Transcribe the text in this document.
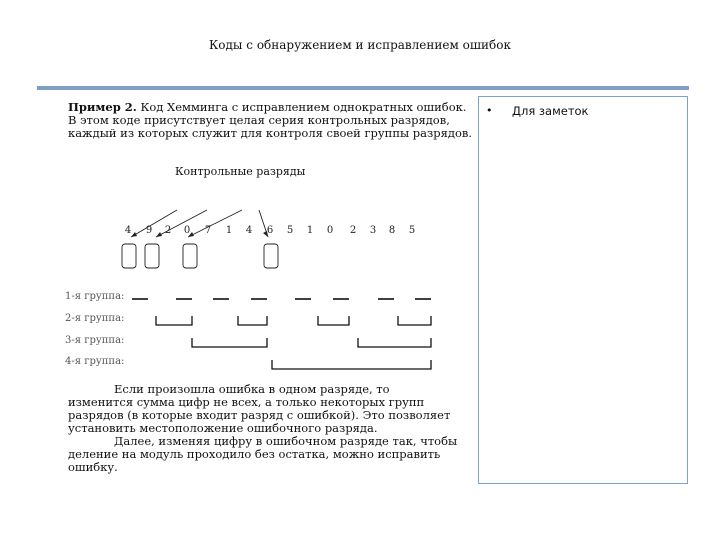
Коды с обнаружением и исправлением ошибок
Пример 2. Код Хемминга с исправлением однократных ошибок. В этом коде присутствует целая серия контрольных разрядов, каждый из которых служит для контроля своей группы разрядов.
Контрольные разряды
4 9 2 0 7 1 4 6 5 1 0 2 3 8 5
1-я группа:
2-я группа:
3-я группа:
4-я группа:

Если произошла ошибка в одном разряде, то изменится сумма цифр не всех, а только некоторых групп разрядов (в которые входит разряд с ошибкой). Это позволяет установить местоположение ошибочного разряда.

Далее, изменяя цифру в ошибочном разряде так, чтобы деление на модуль проходило без остатка, можно исправить ошибку.

• Для заметок
